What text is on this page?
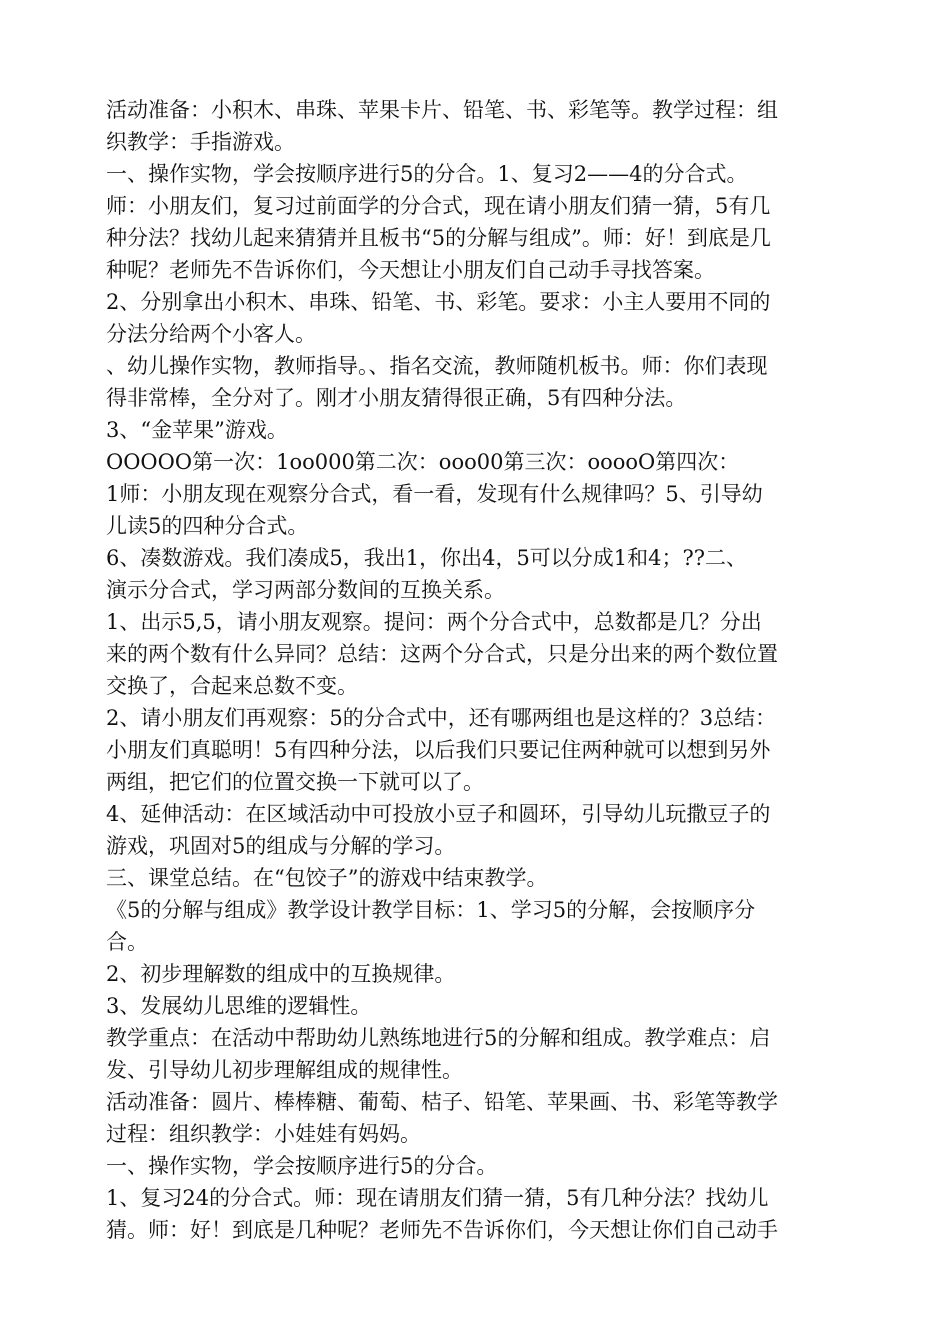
活动准备：小积木、串珠、苹果卡片、铅笔、书、彩笔等。教学过程：组
织教学：手指游戏。
一、操作实物，学会按顺序进行5的分合。1、复习2——4的分合式。
师：小朋友们，复习过前面学的分合式，现在请小朋友们猜一猜，5有几
种分法？找幼儿起来猜猜并且板书“5的分解与组成”。师：好！到底是几
种呢？老师先不告诉你们，今天想让小朋友们自己动手寻找答案。
2、分别拿出小积木、串珠、铅笔、书、彩笔。要求：小主人要用不同的
分法分给两个小客人。
、幼儿操作实物，教师指导。、指名交流，教师随机板书。师：你们表现
得非常棒，全分对了。刚才小朋友猜得很正确，5有四种分法。
3、“金苹果”游戏。
OOOOO第一次：1oo000第二次：ooo00第三次：ooooO第四次：
1师：小朋友现在观察分合式，看一看，发现有什么规律吗？5、引导幼
儿读5的四种分合式。
6、凑数游戏。我们凑成5，我出1，你出4，5可以分成1和4；??二、
演示分合式，学习两部分数间的互换关系。
1、出示5,5，请小朋友观察。提问：两个分合式中，总数都是几？分出
来的两个数有什么异同？总结：这两个分合式，只是分出来的两个数位置
交换了，合起来总数不变。
2、请小朋友们再观察：5的分合式中，还有哪两组也是这样的？3总结：
小朋友们真聪明！5有四种分法，以后我们只要记住两种就可以想到另外
两组，把它们的位置交换一下就可以了。
4、延伸活动：在区域活动中可投放小豆子和圆环，引导幼儿玩撒豆子的
游戏，巩固对5的组成与分解的学习。
三、课堂总结。在“包饺子”的游戏中结束教学。
《5的分解与组成》教学设计教学目标：1、学习5的分解，会按顺序分
合。
2、初步理解数的组成中的互换规律。
3、发展幼儿思维的逻辑性。
教学重点：在活动中帮助幼儿熟练地进行5的分解和组成。教学难点：启
发、引导幼儿初步理解组成的规律性。
活动准备：圆片、棒棒糖、葡萄、桔子、铅笔、苹果画、书、彩笔等教学
过程：组织教学：小娃娃有妈妈。
一、操作实物，学会按顺序进行5的分合。
1、复习24的分合式。师：现在请朋友们猜一猜，5有几种分法？找幼儿
猜。师：好！到底是几种呢？老师先不告诉你们，今天想让你们自己动手
